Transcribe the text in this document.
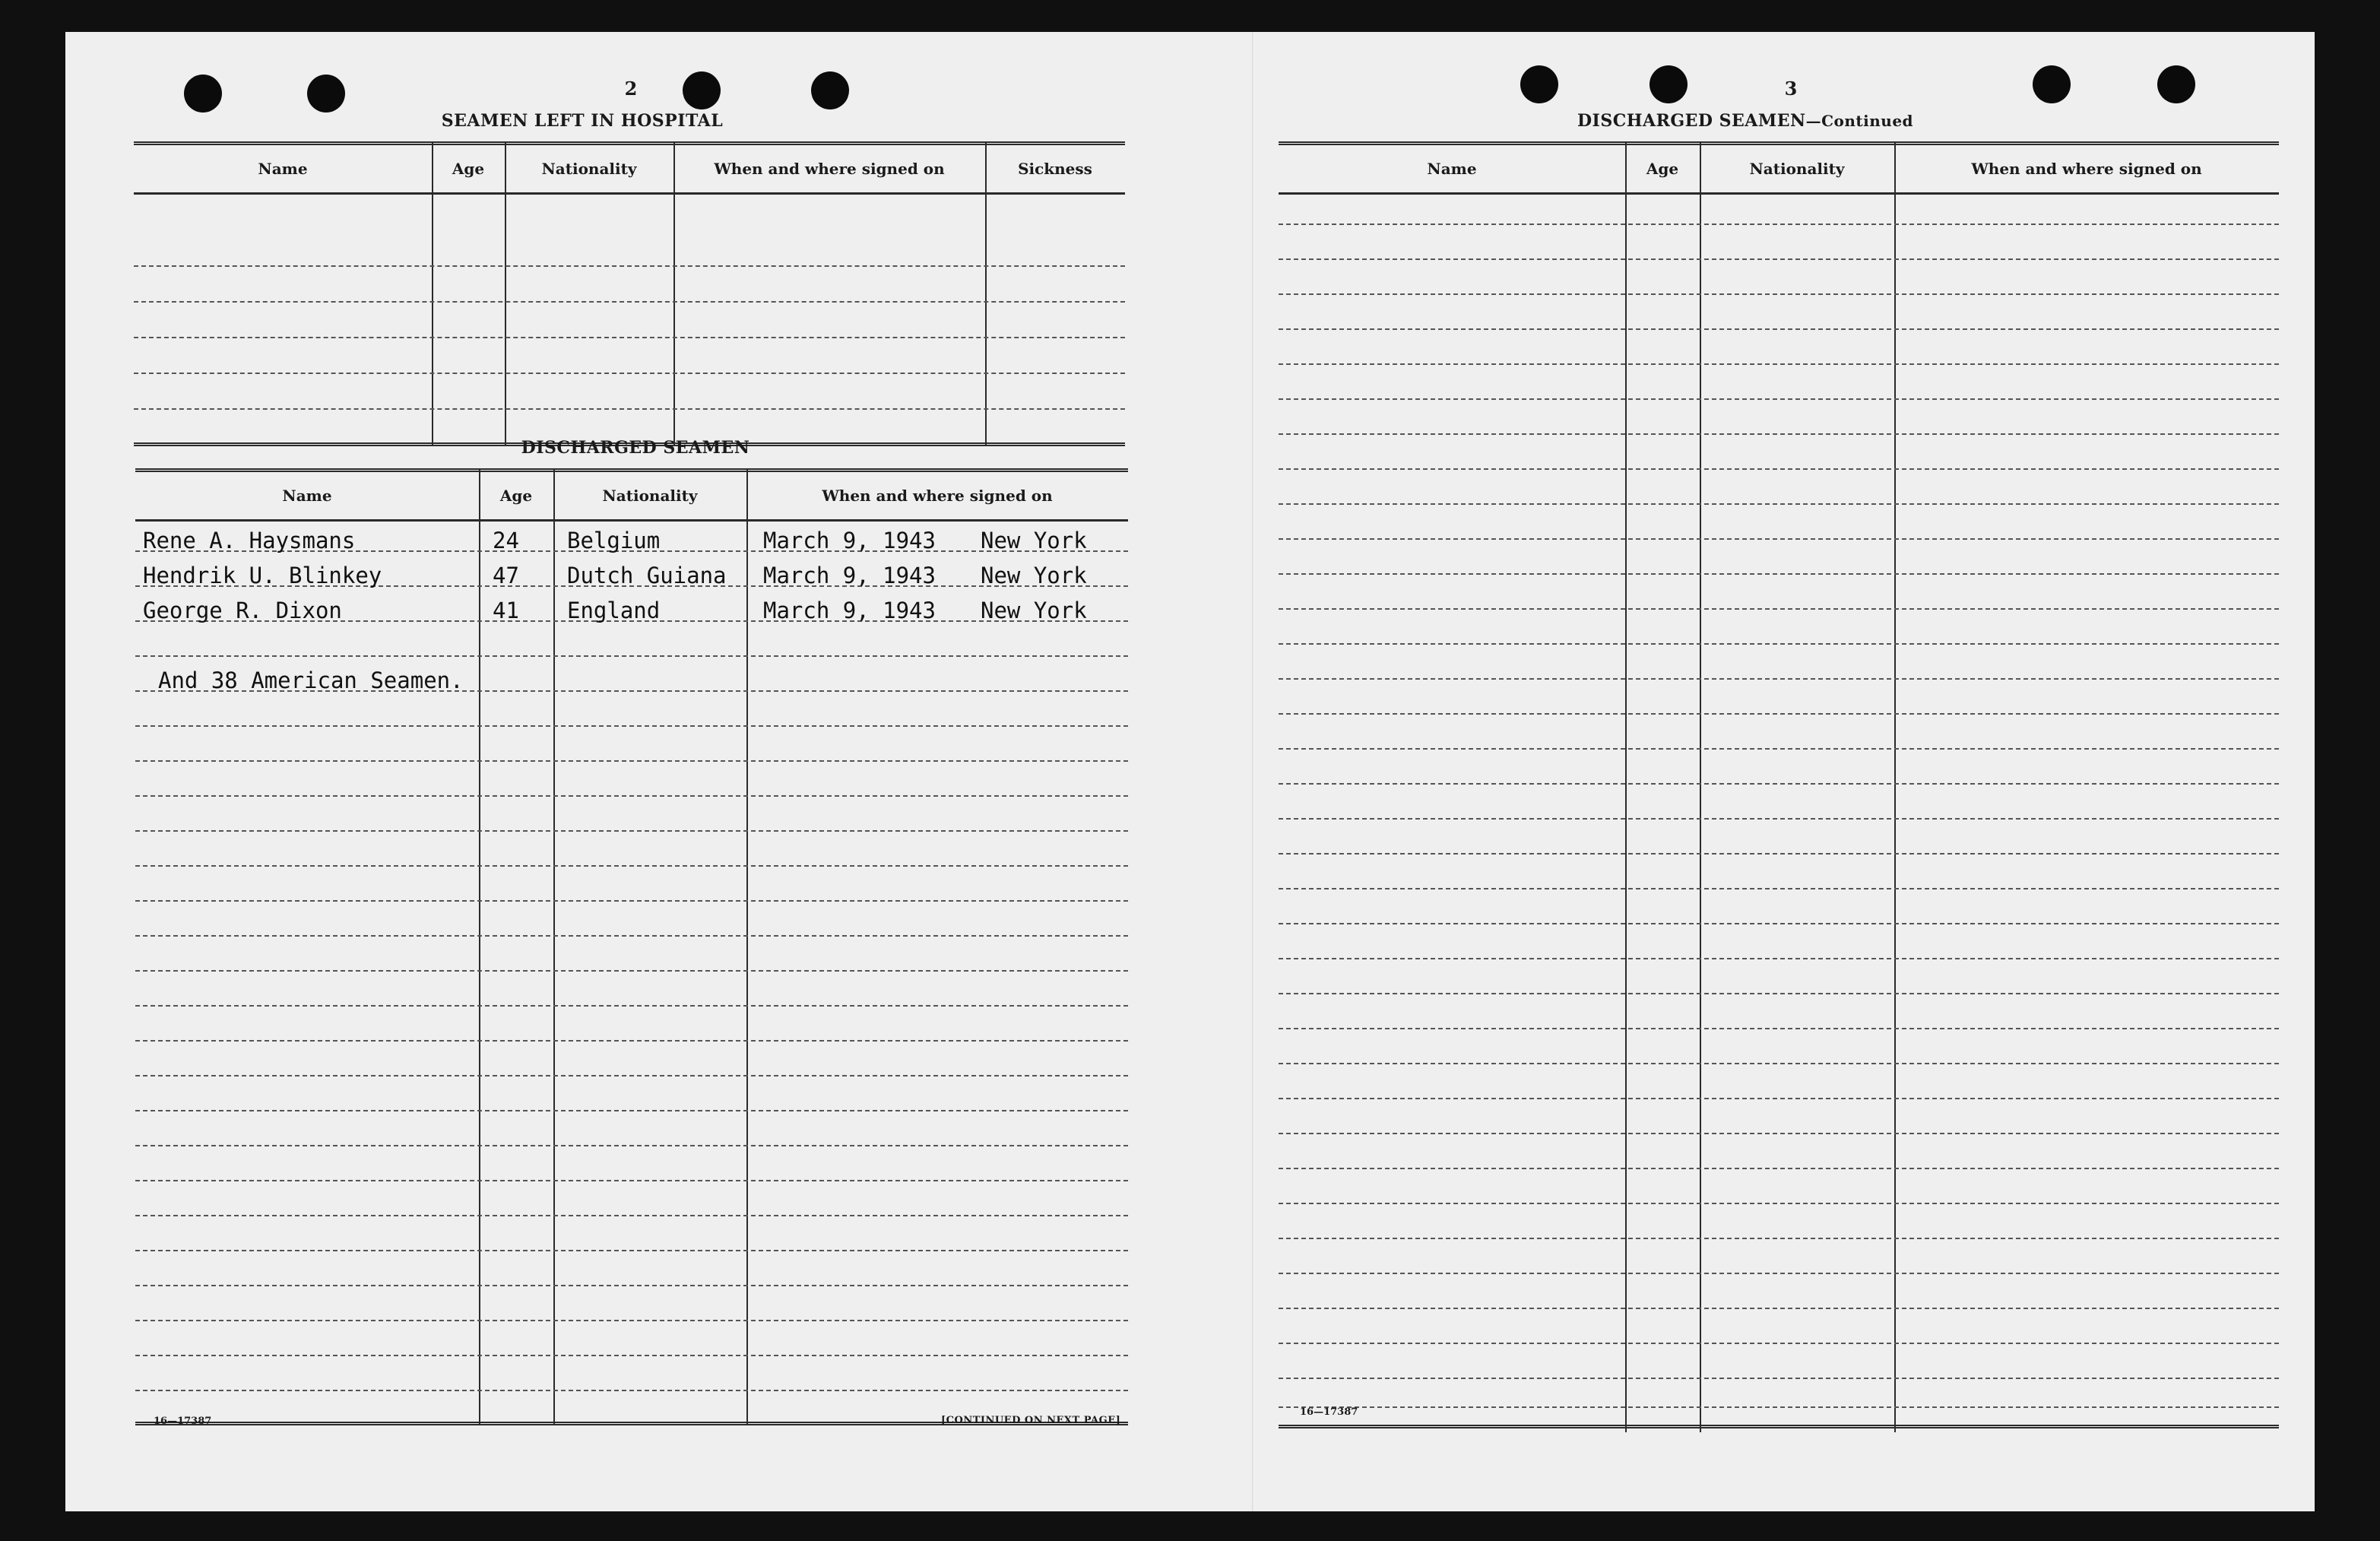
2
SEAMEN LEFT IN HOSPITAL
Name	Age	Nationality	When and where signed on	Sickness
DISCHARGED SEAMEN
Name	Age	Nationality	When and where signed on
Rene A. Haysmans	24 Belgium	March 9, 1943 New York
Hendrik U. Blinkey	47 Dutch Guiana March 9, 1943 New York
George R. Dixon	41 England	March 9, 1943 New York
And 38 American Seamen.
16—17387	[CONTINUED ON NEXT PAGE]
3
DISCHARGED SEAMEN—Continued
Name	Age	Nationality	When and where signed on
16—17387
